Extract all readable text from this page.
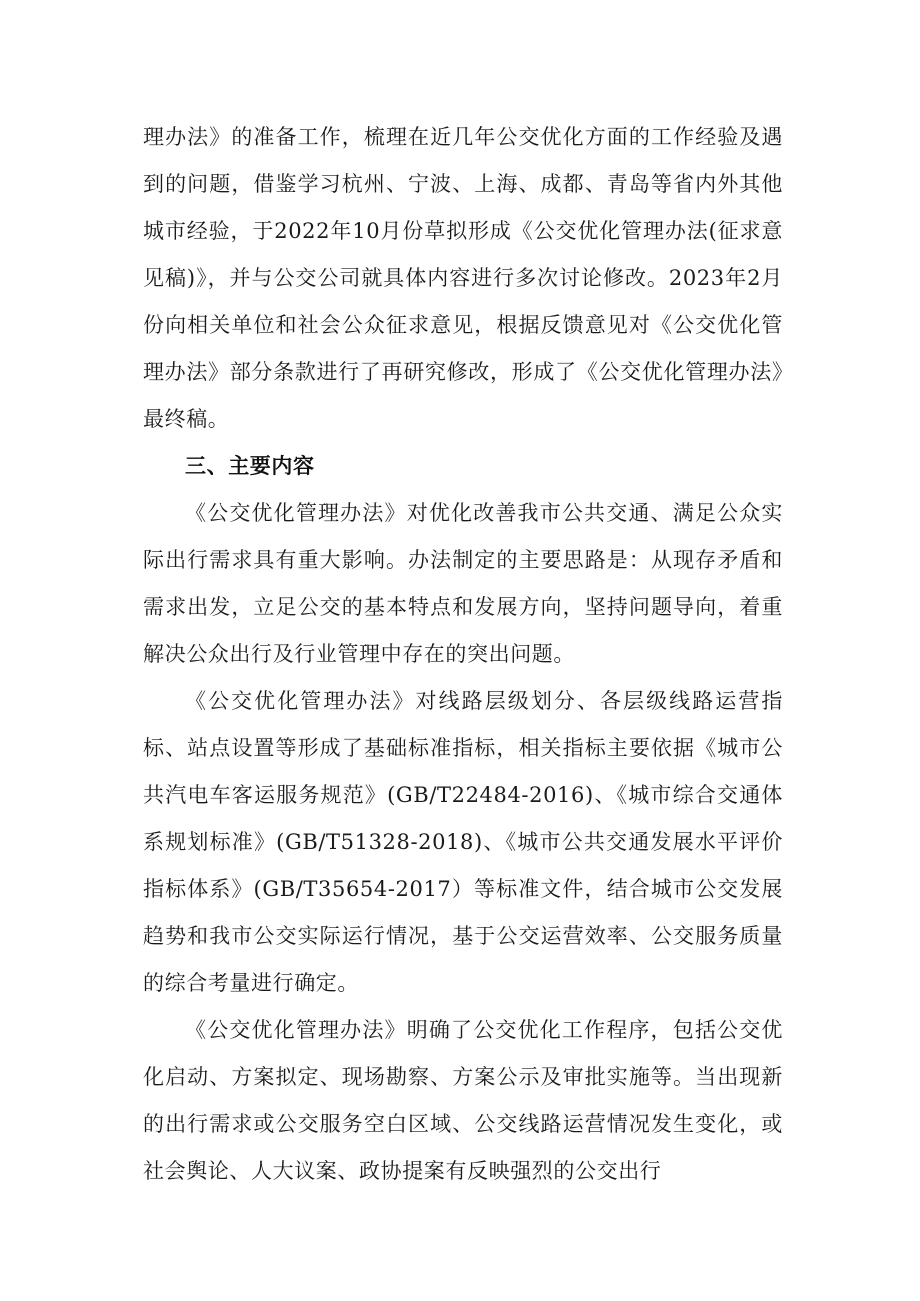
理办法》的准备工作，梳理在近几年公交优化方面的工作经验及遇到的问题，借鉴学习杭州、宁波、上海、成都、青岛等省内外其他城市经验，于2022年10月份草拟形成《公交优化管理办法(征求意见稿)》，并与公交公司就具体内容进行多次讨论修改。2023年2月份向相关单位和社会公众征求意见，根据反馈意见对《公交优化管理办法》部分条款进行了再研究修改，形成了《公交优化管理办法》最终稿。

三、主要内容

《公交优化管理办法》对优化改善我市公共交通、满足公众实际出行需求具有重大影响。办法制定的主要思路是：从现存矛盾和需求出发，立足公交的基本特点和发展方向，坚持问题导向，着重解决公众出行及行业管理中存在的突出问题。

《公交优化管理办法》对线路层级划分、各层级线路运营指标、站点设置等形成了基础标准指标，相关指标主要依据《城市公共汽电车客运服务规范》(GB/T22484-2016)、《城市综合交通体系规划标准》(GB/T51328-2018)、《城市公共交通发展水平评价指标体系》(GB/T35654-2017）等标准文件，结合城市公交发展趋势和我市公交实际运行情况，基于公交运营效率、公交服务质量的综合考量进行确定。

《公交优化管理办法》明确了公交优化工作程序，包括公交优化启动、方案拟定、现场勘察、方案公示及审批实施等。当出现新的出行需求或公交服务空白区域、公交线路运营情况发生变化，或社会舆论、人大议案、政协提案有反映强烈的公交出行
